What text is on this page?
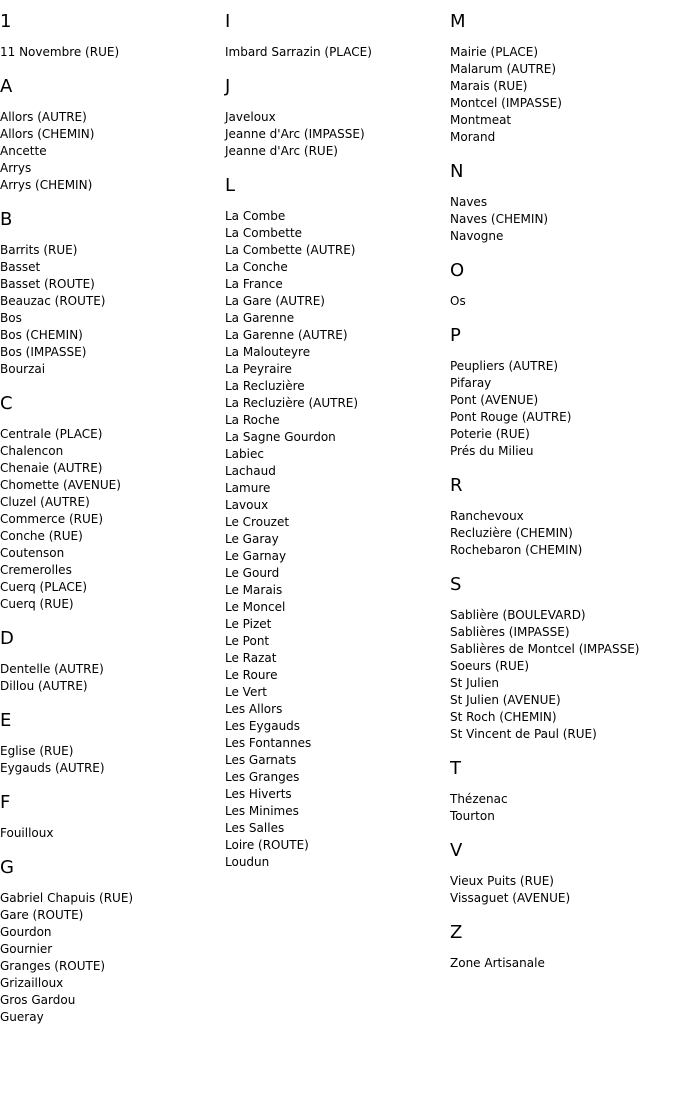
1
11 Novembre (RUE)
A
Allors (AUTRE)
Allors (CHEMIN)
Ancette
Arrys
Arrys (CHEMIN)
B
Barrits (RUE)
Basset
Basset (ROUTE)
Beauzac (ROUTE)
Bos
Bos (CHEMIN)
Bos (IMPASSE)
Bourzai
C
Centrale (PLACE)
Chalencon
Chenaie (AUTRE)
Chomette (AVENUE)
Cluzel (AUTRE)
Commerce (RUE)
Conche (RUE)
Coutenson
Cremerolles
Cuerq (PLACE)
Cuerq (RUE)
D
Dentelle (AUTRE)
Dillou (AUTRE)
E
Eglise (RUE)
Eygauds (AUTRE)
F
Fouilloux
G
Gabriel Chapuis (RUE)
Gare (ROUTE)
Gourdon
Gournier
Granges (ROUTE)
Grizailloux
Gros Gardou
Gueray
I
Imbard Sarrazin (PLACE)
J
Javeloux
Jeanne d'Arc (IMPASSE)
Jeanne d'Arc (RUE)
L
La Combe
La Combette
La Combette (AUTRE)
La Conche
La France
La Gare (AUTRE)
La Garenne
La Garenne (AUTRE)
La Malouteyre
La Peyraire
La Recluzière
La Recluzière (AUTRE)
La Roche
La Sagne Gourdon
Labiec
Lachaud
Lamure
Lavoux
Le Crouzet
Le Garay
Le Garnay
Le Gourd
Le Marais
Le Moncel
Le Pizet
Le Pont
Le Razat
Le Roure
Le Vert
Les Allors
Les Eygauds
Les Fontannes
Les Garnats
Les Granges
Les Hiverts
Les Minimes
Les Salles
Loire (ROUTE)
Loudun
M
Mairie (PLACE)
Malarum (AUTRE)
Marais (RUE)
Montcel (IMPASSE)
Montmeat
Morand
N
Naves
Naves (CHEMIN)
Navogne
O
Os
P
Peupliers (AUTRE)
Pifaray
Pont (AVENUE)
Pont Rouge (AUTRE)
Poterie (RUE)
Prés du Milieu
R
Ranchevoux
Recluzière (CHEMIN)
Rochebaron (CHEMIN)
S
Sablière (BOULEVARD)
Sablières (IMPASSE)
Sablières de Montcel (IMPASSE)
Soeurs (RUE)
St Julien
St Julien (AVENUE)
St Roch (CHEMIN)
St Vincent de Paul (RUE)
T
Thézenac
Tourton
V
Vieux Puits (RUE)
Vissaguet (AVENUE)
Z
Zone Artisanale
